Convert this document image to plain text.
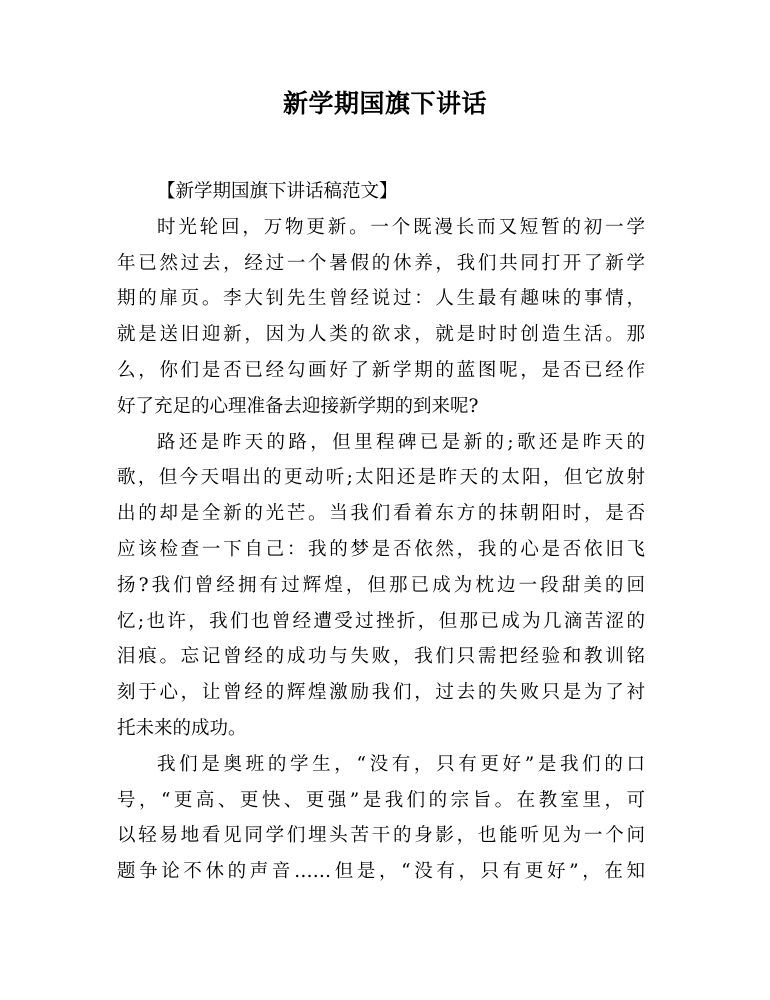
新学期国旗下讲话
【新学期国旗下讲话稿范文】
时光轮回，万物更新。一个既漫长而又短暂的初一学
年已然过去，经过一个暑假的休养，我们共同打开了新学
期的扉页。李大钊先生曾经说过：人生最有趣味的事情，
就是送旧迎新，因为人类的欲求，就是时时创造生活。那
么，你们是否已经勾画好了新学期的蓝图呢，是否已经作
好了充足的心理准备去迎接新学期的到来呢?
路还是昨天的路，但里程碑已是新的;歌还是昨天的
歌，但今天唱出的更动听;太阳还是昨天的太阳，但它放射
出的却是全新的光芒。当我们看着东方的抹朝阳时，是否
应该检查一下自己：我的梦是否依然，我的心是否依旧飞
扬?我们曾经拥有过辉煌，但那已成为枕边一段甜美的回
忆;也许，我们也曾经遭受过挫折，但那已成为几滴苦涩的
泪痕。忘记曾经的成功与失败，我们只需把经验和教训铭
刻于心，让曾经的辉煌激励我们，过去的失败只是为了衬
托未来的成功。
我们是奥班的学生，“没有，只有更好”是我们的口
号，“更高、更快、更强”是我们的宗旨。在教室里，可
以轻易地看见同学们埋头苦干的身影，也能听见为一个问
题争论不休的声音……但是，“没有，只有更好”，在知
